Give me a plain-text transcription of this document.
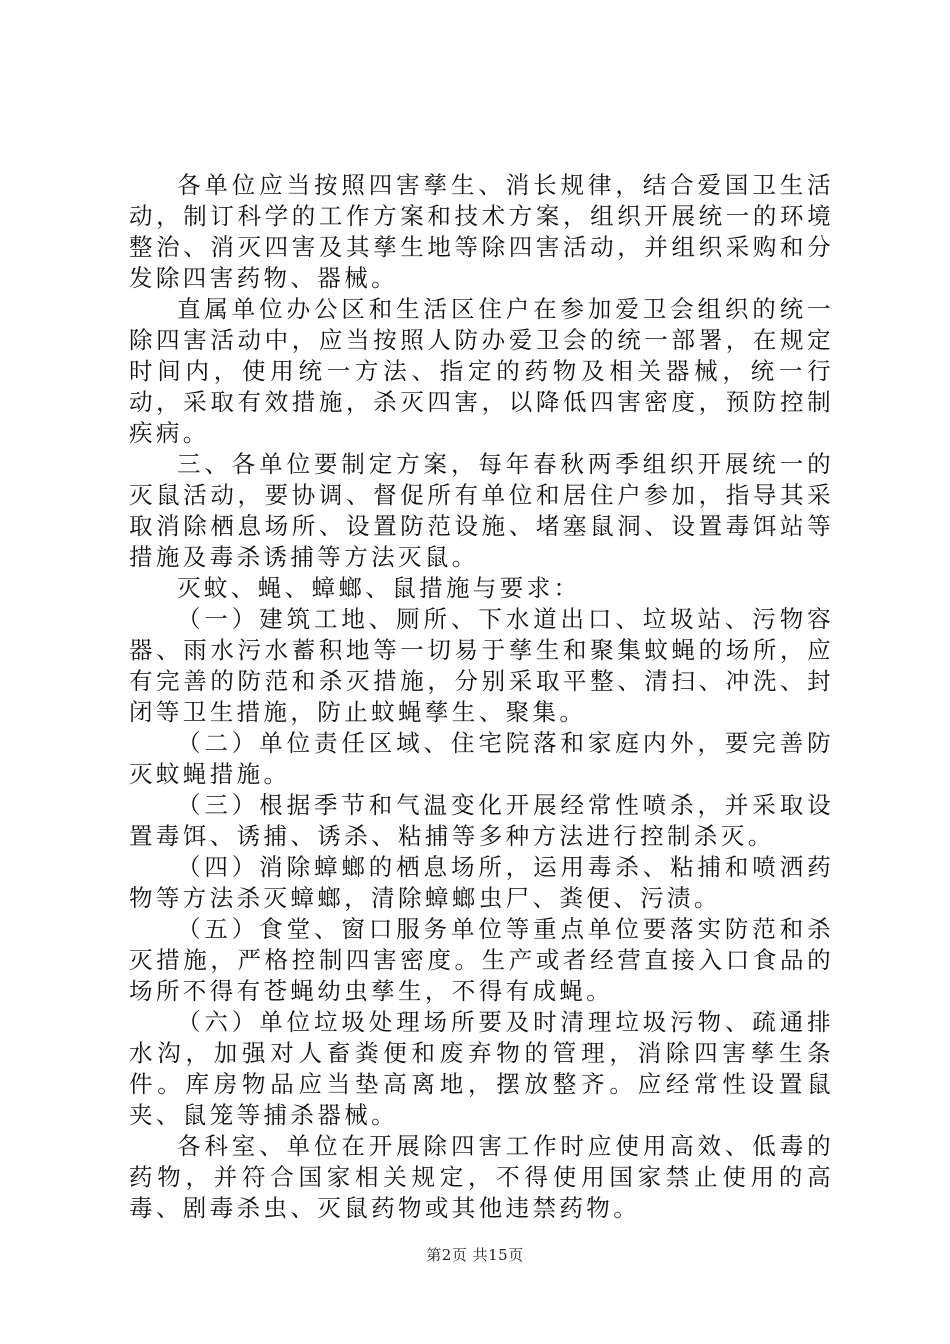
各单位应当按照四害孳生、消长规律，结合爱国卫生活动，制订科学的工作方案和技术方案，组织开展统一的环境整治、消灭四害及其孳生地等除四害活动，并组织采购和分发除四害药物、器械。

直属单位办公区和生活区住户在参加爱卫会组织的统一除四害活动中，应当按照人防办爱卫会的统一部署，在规定时间内，使用统一方法、指定的药物及相关器械，统一行动，采取有效措施，杀灭四害，以降低四害密度，预防控制疾病。

三、各单位要制定方案，每年春秋两季组织开展统一的灭鼠活动，要协调、督促所有单位和居住户参加，指导其采取消除栖息场所、设置防范设施、堵塞鼠洞、设置毒饵站等措施及毒杀诱捕等方法灭鼠。

灭蚊、蝇、蟑螂、鼠措施与要求：

（一）建筑工地、厕所、下水道出口、垃圾站、污物容器、雨水污水蓄积地等一切易于孳生和聚集蚊蝇的场所，应有完善的防范和杀灭措施，分别采取平整、清扫、冲洗、封闭等卫生措施，防止蚊蝇孳生、聚集。

（二）单位责任区域、住宅院落和家庭内外，要完善防灭蚊蝇措施。

（三）根据季节和气温变化开展经常性喷杀，并采取设置毒饵、诱捕、诱杀、粘捕等多种方法进行控制杀灭。

（四）消除蟑螂的栖息场所，运用毒杀、粘捕和喷洒药物等方法杀灭蟑螂，清除蟑螂虫尸、粪便、污渍。

（五）食堂、窗口服务单位等重点单位要落实防范和杀灭措施，严格控制四害密度。生产或者经营直接入口食品的场所不得有苍蝇幼虫孳生，不得有成蝇。

（六）单位垃圾处理场所要及时清理垃圾污物、疏通排水沟，加强对人畜粪便和废弃物的管理，消除四害孳生条件。库房物品应当垫高离地，摆放整齐。应经常性设置鼠夹、鼠笼等捕杀器械。

各科室、单位在开展除四害工作时应使用高效、低毒的药物，并符合国家相关规定，不得使用国家禁止使用的高毒、剧毒杀虫、灭鼠药物或其他违禁药物。

第2页 共15页
